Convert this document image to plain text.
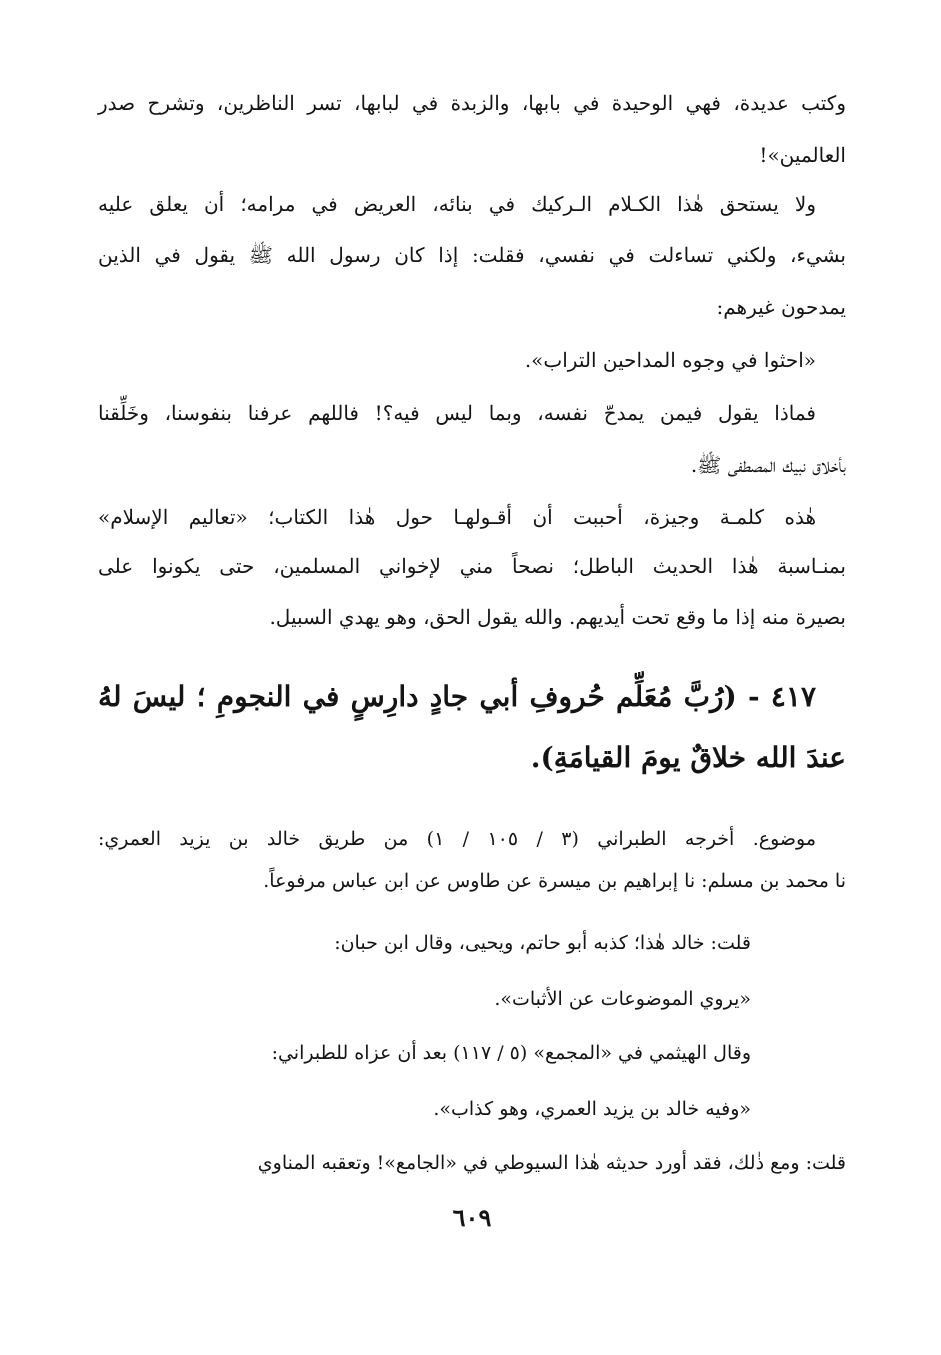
وكتب عديدة، فهي الوحيدة في بابها، والزبدة في لبابها، تسر الناظرين، وتشرح صدر
العالمين»!
ولا يستحق هٰذا الكـلام الـركيك في بنائه، العريض في مرامه؛ أن يعلق عليه
بشيء، ولكني تساءلت في نفسي، فقلت: إذا كان رسول الله ﷺ يقول في الذين
يمدحون غيرهم:
«احثوا في وجوه المداحين التراب».
فماذا يقول فيمن يمدحّ نفسه، وبما ليس فيه؟! فاللهم عرفنا بنفوسنا، وخَلِّقنا
بأخلاق نبيك المصطفى ﷺ.
هٰذه كلمـة وجيزة، أحببت أن أقـولهـا حول هٰذا الكتاب؛ «تعاليم الإسلام»
بمنـاسبة هٰذا الحديث الباطل؛ نصحاً مني لإخواني المسلمين، حتى يكونوا على
بصيرة منه إذا ما وقع تحت أيديهم. والله يقول الحق، وهو يهدي السبيل.
٤١٧ - (رُبَّ مُعَلِّم حُروفِ أبي جادٍ دارِسٍ في النجومِ ؛ ليسَ لهُ
عندَ الله خلاقٌ يومَ القيامَةِ).
موضوع. أخرجه الطبراني (٣ / ١٠٥ / ١) من طريق خالد بن يزيد العمري:
نا محمد بن مسلم: نا إبراهيم بن ميسرة عن طاوس عن ابن عباس مرفوعاً.
قلت: خالد هٰذا؛ كذبه أبو حاتم، ويحيى، وقال ابن حبان:
«يروي الموضوعات عن الأثبات».
وقال الهيثمي في «المجمع» (٥ / ١١٧) بعد أن عزاه للطبراني:
«وفيه خالد بن يزيد العمري، وهو كذاب».
قلت: ومع ذٰلك، فقد أورد حديثه هٰذا السيوطي في «الجامع»! وتعقبه المناوي
٦٠٩
